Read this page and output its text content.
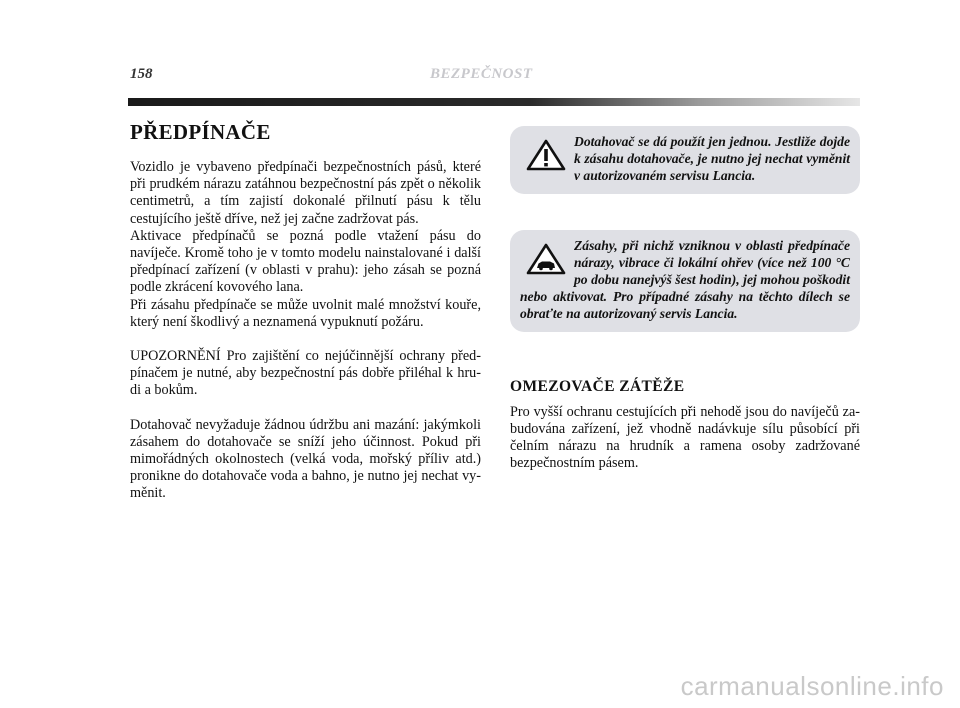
158	BEZPEČNOST
PŘEDPÍNAČE

Vozidlo je vybaveno předpínači bezpečnostních pásů, které při prudkém nárazu zatáhnou bezpečnostní pás zpět o několik centimetrů, a tím zajistí dokonalé přilnutí pásu k tělu cestujícího ještě dříve, než jej začne zadržovat pás.

Aktivace předpínačů se pozná podle vtažení pásu do navíječe. Kromě toho je v tomto modelu nainstalované i další předpínací zařízení (v oblasti v prahu): jeho zásah se pozná podle zkrácení kovového lana.

Při zásahu předpínače se může uvolnit malé množství kouře, který není škodlivý a neznamená vypuknutí požáru.

UPOZORNĚNÍ Pro zajištění co nejúčinnější ochrany předpínačem je nutné, aby bezpečnostní pás dobře přiléhal k hrudi a bokům.

Dotahovač nevyžaduje žádnou údržbu ani mazání: jakýmkoli zásahem do dotahovače se sníží jeho účinnost. Pokud při mimořádných okolnostech (velká voda, mořský příliv atd.) pronikne do dotahovače voda a bahno, je nutno jej nechat vyměnit.

Dotahovač se dá použít jen jednou. Jestliže dojde k zásahu dotahovače, je nutno jej nechat vyměnit v autorizovaném servisu Lancia.

Zásahy, při nichž vzniknou v oblasti předpínače nárazy, vibrace či lokální ohřev (více než 100 °C po dobu nanejvýš šest hodin), jej mohou poškodit nebo aktivovat. Pro případné zásahy na těchto dílech se obraťte na autorizovaný servis Lancia.

OMEZOVAČE ZÁTĚŽE

Pro vyšší ochranu cestujících při nehodě jsou do navíječů zabudována zařízení, jež vhodně nadávkuje sílu působící při čelním nárazu na hrudník a ramena osoby zadržované bezpečnostním pásem.

carmanualsonline.info
